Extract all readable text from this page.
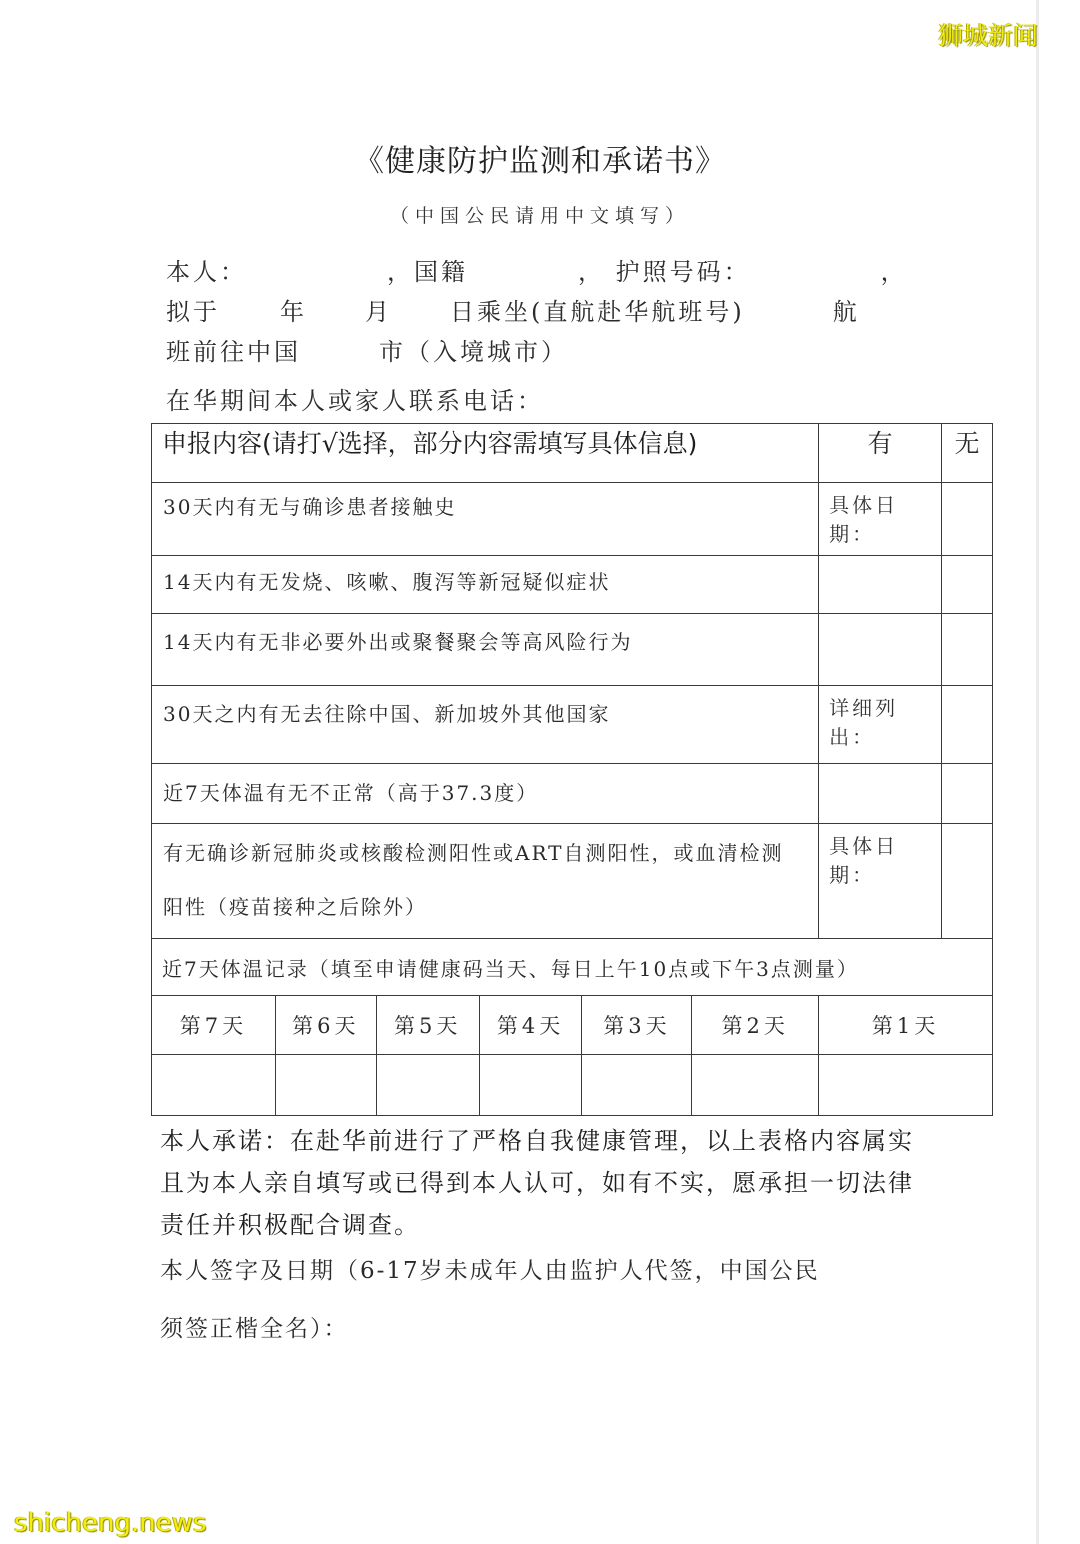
狮城新闻
《健康防护监测和承诺书》
（中国公民请用中文填写）
本人：	，国籍	， 护照号码：	，
拟于	年 月 日乘坐(直航赴华航班号)	航
班前往中国	市（入境城市）
在华期间本人或家人联系电话：
申报内容(请打√选择，部分内容需填写具体信息)	有	无

30天内有无与确诊患者接触史	具体日期：	

14天内有无发烧、咳嗽、腹泻等新冠疑似症状		

14天内有无非必要外出或聚餐聚会等高风险行为		

30天之内有无去往除中国、新加坡外其他国家	详细列出：	

近7天体温有无不正常（高于37.3度）		

有无确诊新冠肺炎或核酸检测阳性或ART自测阳性，或血清检测阳性（疫苗接种之后除外）	具体日期：	
近7天体温记录（填至申请健康码当天、每日上午10点或下午3点测量）		
第7天	第6天	第5天	第4天	第3天	第2天	第1天

本人承诺：在赴华前进行了严格自我健康管理，以上表格内容属实且为本人亲自填写或已得到本人认可，如有不实，愿承担一切法律责任并积极配合调查。
本人签字及日期（6-17岁未成年人由监护人代签，中国公民
须签正楷全名）：
shicheng.news
